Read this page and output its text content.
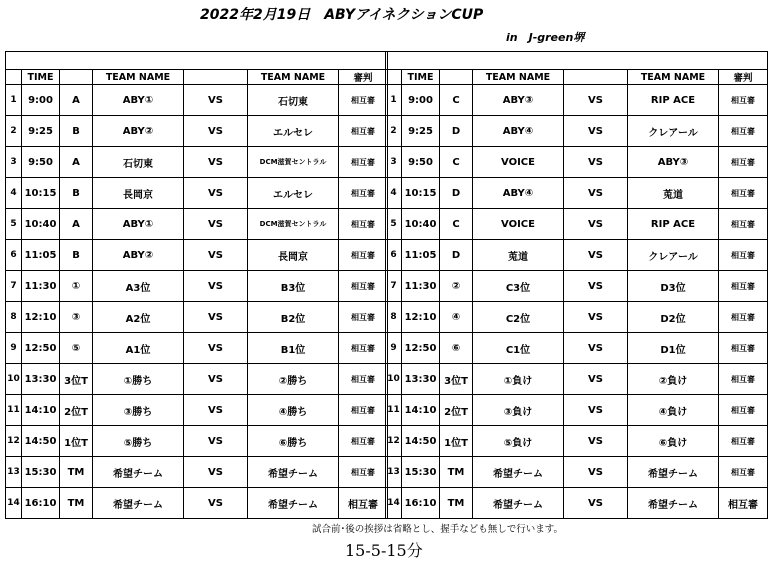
2022年2月19日　ABYアイネクションCUP
in　J-green堺

	TIME		TEAM NAME		TEAM NAME	審判
1	9:00	A	ABY①	VS	石切東	相互審
2	9:25	B	ABY②	VS	エルセレ	相互審
3	9:50	A	石切東	VS	DCM滋賀セントラル	相互審
4	10:15	B	長岡京	VS	エルセレ	相互審
5	10:40	A	ABY①	VS	DCM滋賀セントラル	相互審
6	11:05	B	ABY②	VS	長岡京	相互審
7	11:30	①	A3位	VS	B3位	相互審
8	12:10	③	A2位	VS	B2位	相互審
9	12:50	⑤	A1位	VS	B1位	相互審
10	13:30	3位T	①勝ち	VS	②勝ち	相互審
11	14:10	2位T	③勝ち	VS	④勝ち	相互審
12	14:50	1位T	⑤勝ち	VS	⑥勝ち	相互審
13	15:30	TM	希望チーム	VS	希望チーム	相互審
14	16:10	TM	希望チーム	VS	希望チーム	相互審

	TIME		TEAM NAME		TEAM NAME	審判
1	9:00	C	ABY③	VS	RIP ACE	相互審
2	9:25	D	ABY④	VS	クレアール	相互審
3	9:50	C	VOICE	VS	ABY③	相互審
4	10:15	D	ABY④	VS	莵道	相互審
5	10:40	C	VOICE	VS	RIP ACE	相互審
6	11:05	D	莵道	VS	クレアール	相互審
7	11:30	②	C3位	VS	D3位	相互審
8	12:10	④	C2位	VS	D2位	相互審
9	12:50	⑥	C1位	VS	D1位	相互審
10	13:30	3位T	①負け	VS	②負け	相互審
11	14:10	2位T	③負け	VS	④負け	相互審
12	14:50	1位T	⑤負け	VS	⑥負け	相互審
13	15:30	TM	希望チーム	VS	希望チーム	相互審
14	16:10	TM	希望チーム	VS	希望チーム	相互審
試合前･後の挨拶は省略とし、握手なども無しで行います。
15-5-15分
